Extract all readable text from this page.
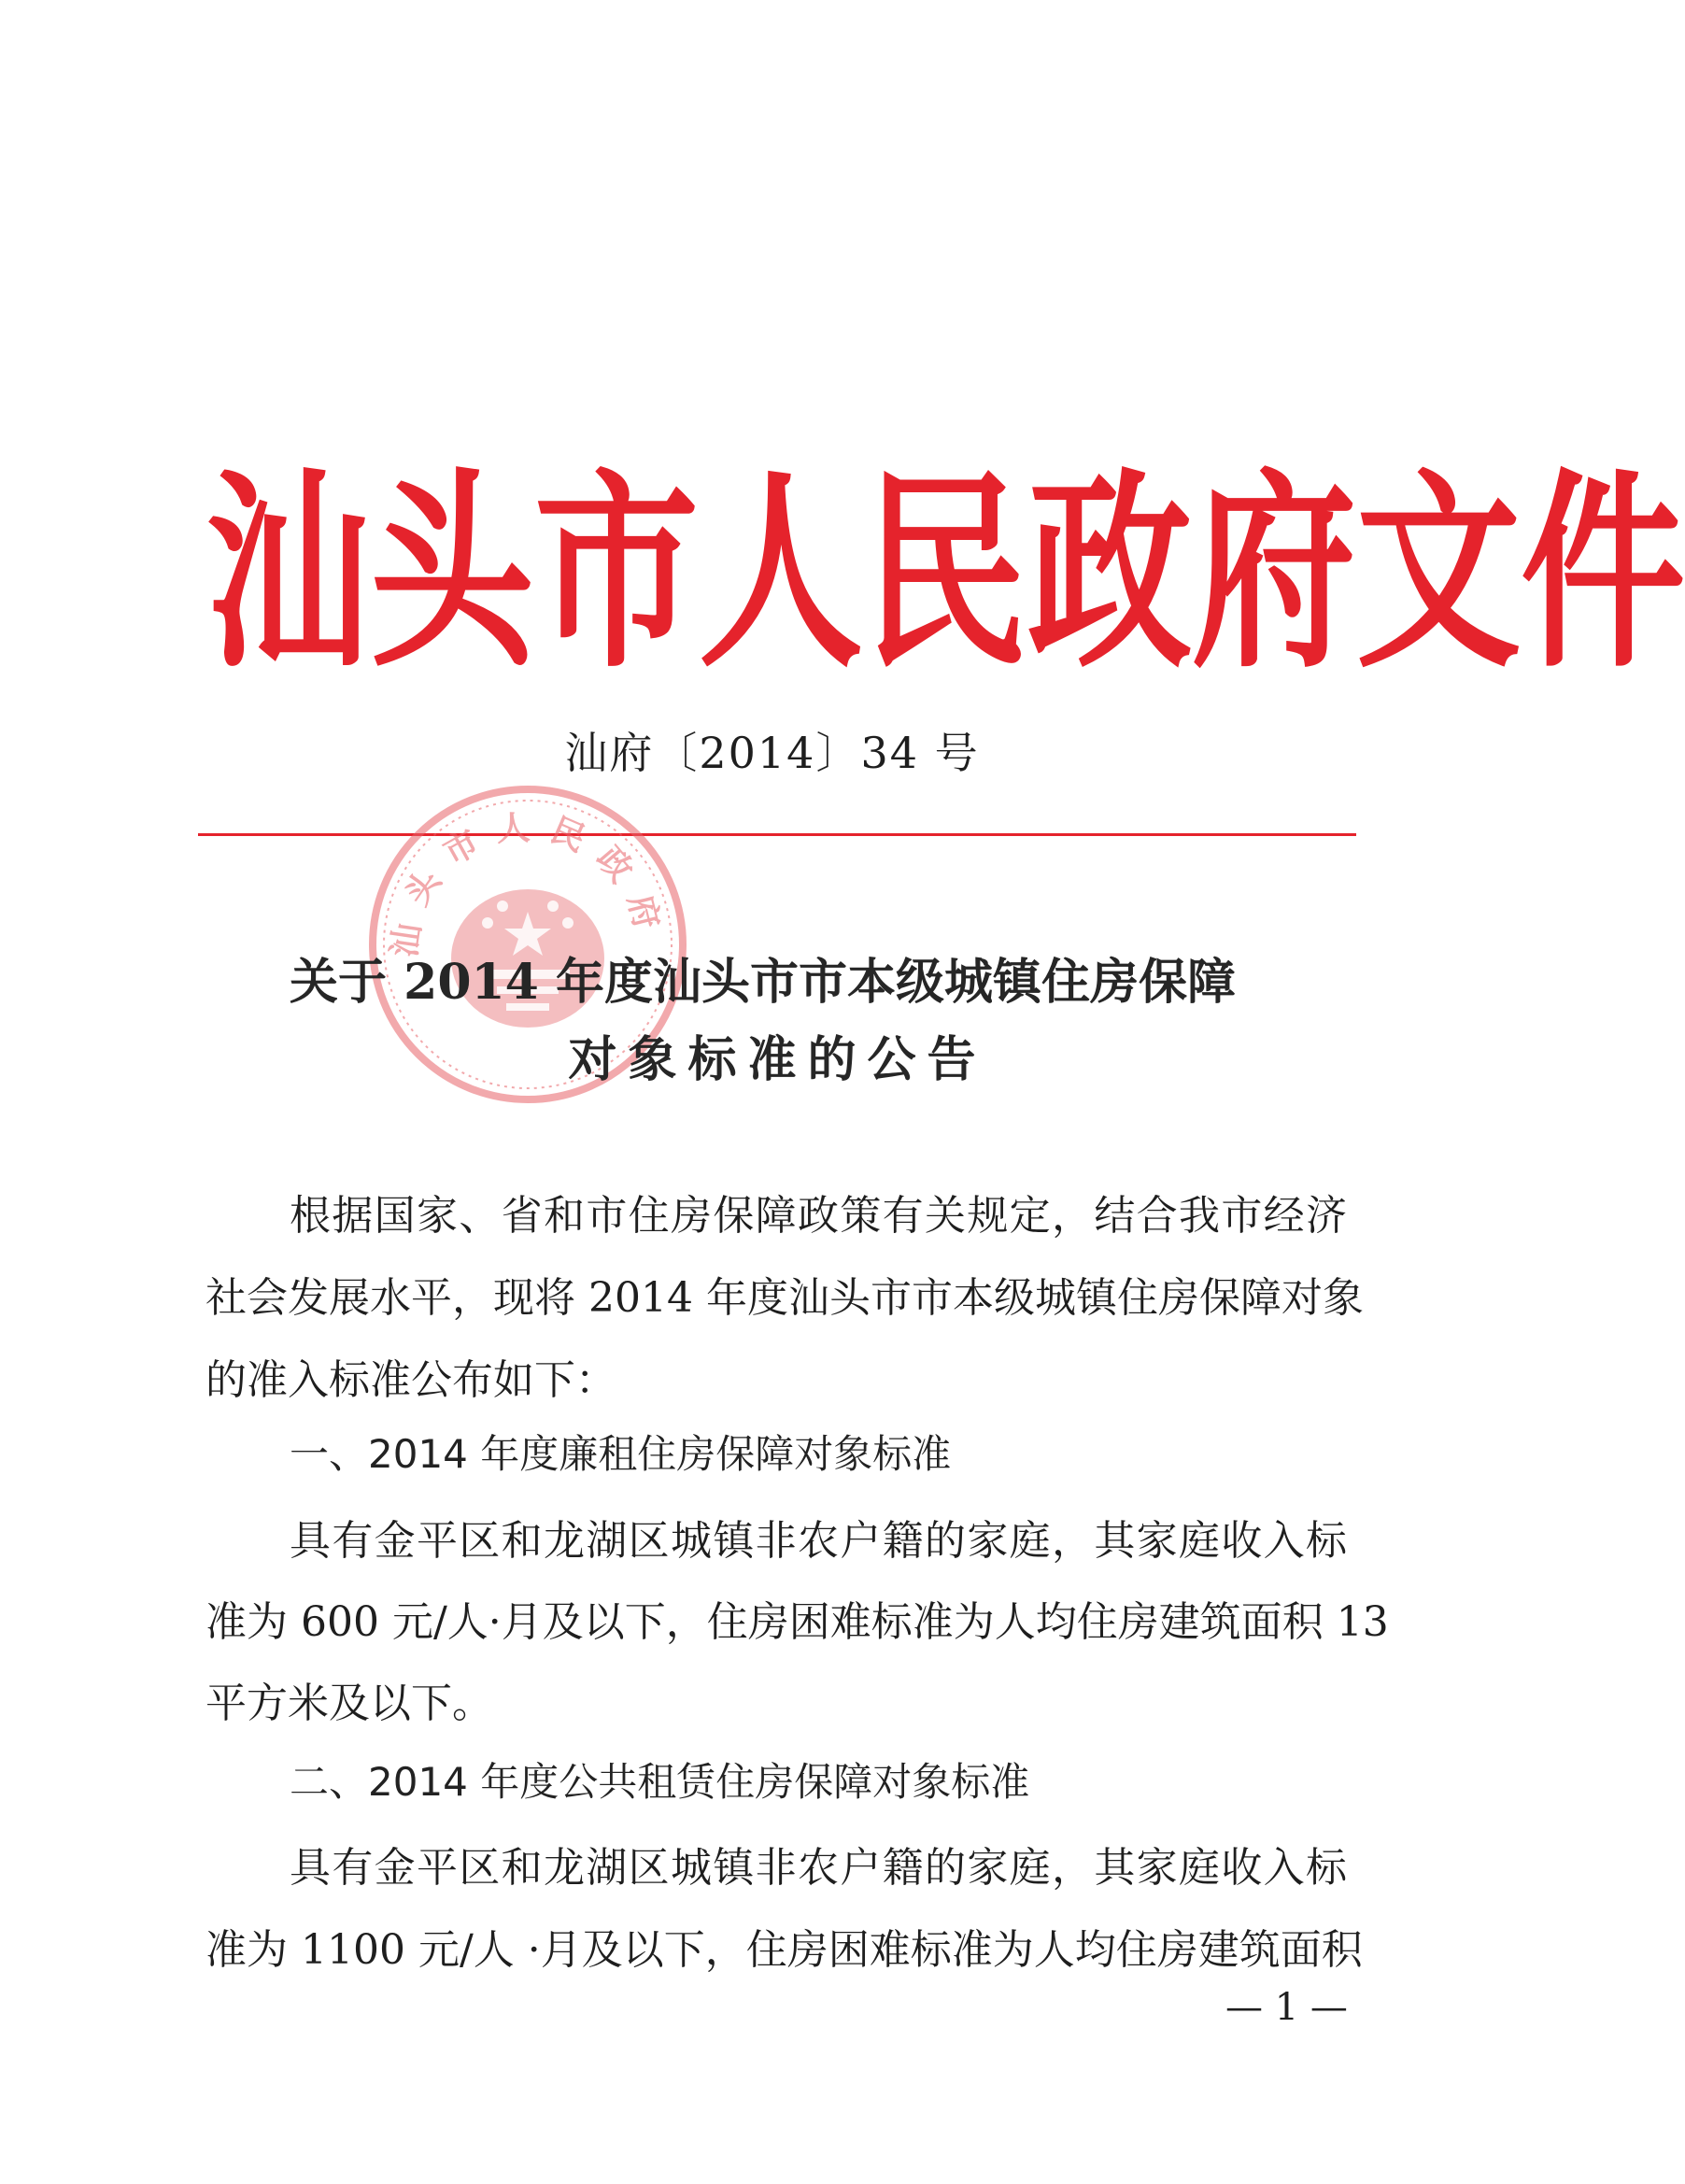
汕 头 市 人 民 政 府 文 件
汕府〔2014〕34 号
汕头市人民政府
关于 2014 年度汕头市市本级城镇住房保障
对象标准的公告
根据国家、省和市住房保障政策有关规定，结合我市经济
社会发展水平，现将 2014 年度汕头市市本级城镇住房保障对象
的准入标准公布如下：
一、2014 年度廉租住房保障对象标准
具有金平区和龙湖区城镇非农户籍的家庭，其家庭收入标
准为 600 元/人·月及以下，住房困难标准为人均住房建筑面积 13
平方米及以下。
二、2014 年度公共租赁住房保障对象标准
具有金平区和龙湖区城镇非农户籍的家庭，其家庭收入标
准为 1100 元/人 ·月及以下，住房困难标准为人均住房建筑面积
— 1 —
